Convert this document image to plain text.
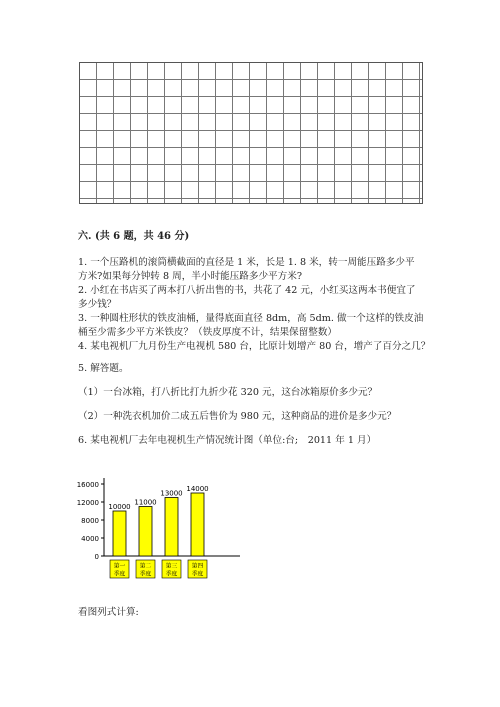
六. (共 6 题，共 46 分)
1. 一个压路机的滚筒横截面的直径是 1 米，长是 1. 8 米，转一周能压路多少平
方米?如果每分钟转 8 周，半小时能压路多少平方米?
2. 小红在书店买了两本打八折出售的书，共花了 42 元，小红买这两本书便宜了
多少钱？
3. 一种圆柱形状的铁皮油桶，量得底面直径 8dm，高 5dm. 做一个这样的铁皮油
桶至少需多少平方米铁皮？（铁皮厚度不计，结果保留整数）
4. 某电视机厂九月份生产电视机 580 台，比原计划增产 80 台，增产了百分之几？
5. 解答题。
（1）一台冰箱，打八折比打九折少花 320 元，这台冰箱原价多少元？
（2）一种洗衣机加价二成五后售价为 980 元，这种商品的进价是多少元？
6. 某电视机厂去年电视机生产情况统计图（单位:台;　2011 年 1 月）
0
4000
8000
12000
16000
10000
第一
季度
11000
第二
季度
13000
第三
季度
14000
第四
季度
看图列式计算:
